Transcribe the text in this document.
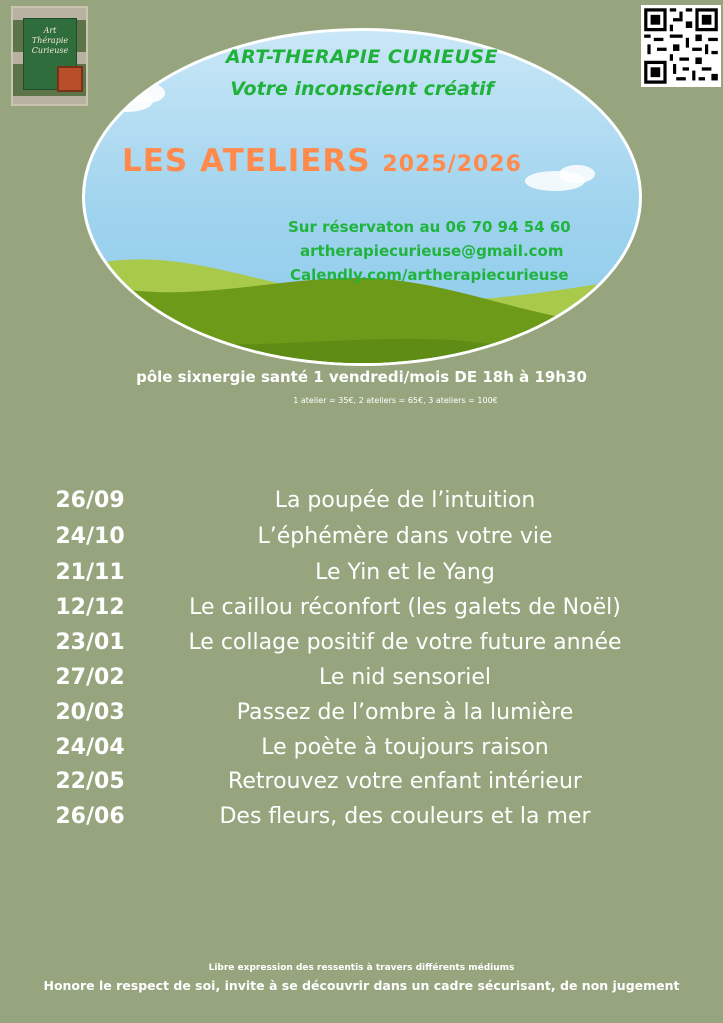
Art Thérapie Curieuse	ART-THERAPIE CURIEUSE
Votre inconscient créatif
LES ATELIERS 2025/2026
Sur réservaton au 06 70 94 54 60
artherapiecurieuse@gmail.com
Calendly.com/artherapiecurieuse
pôle sixnergie santé 1 vendredi/mois DE 18h à 19h30
1 atelier = 35€, 2 ateliers = 65€, 3 ateliers = 100€
26/09	La poupée de l’intuition
24/10	L’éphémère dans votre vie
21/11	Le Yin et le Yang
12/12	Le caillou réconfort (les galets de Noël)
23/01	Le collage positif de votre future année
27/02	Le nid sensoriel
20/03	Passez de l’ombre à la lumière
24/04	Le poète à toujours raison
22/05	Retrouvez votre enfant intérieur
26/06	Des fleurs, des couleurs et la mer
Libre expression des ressentis à travers différents médiums
Honore le respect de soi, invite à se découvrir dans un cadre sécurisant, de non jugement
